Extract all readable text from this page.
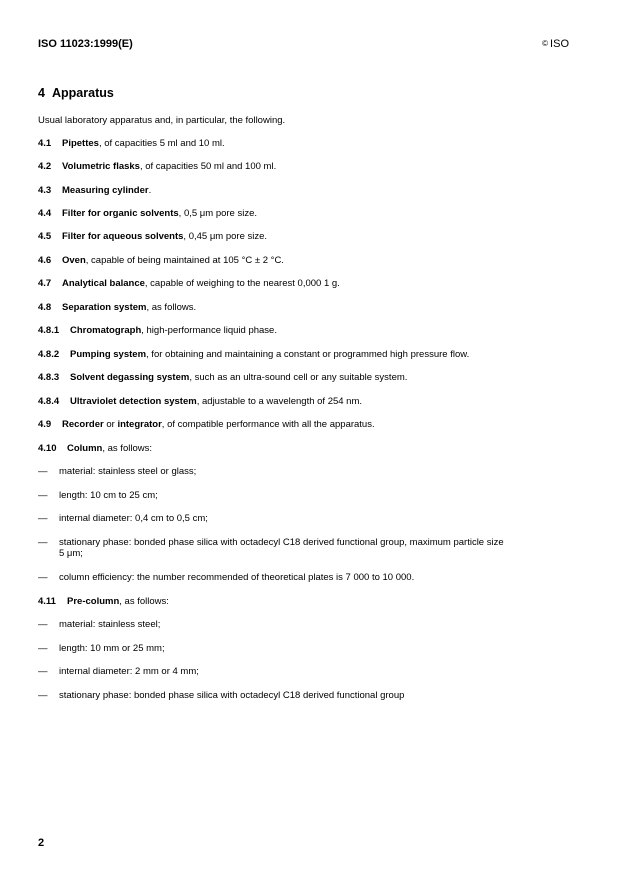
ISO 11023:1999(E)	© ISO
4 Apparatus
Usual laboratory apparatus and, in particular, the following.
4.1 Pipettes, of capacities 5 ml and 10 ml.
4.2 Volumetric flasks, of capacities 50 ml and 100 ml.
4.3 Measuring cylinder.
4.4 Filter for organic solvents, 0,5 μm pore size.
4.5 Filter for aqueous solvents, 0,45 μm pore size.
4.6 Oven, capable of being maintained at 105 °C ± 2 °C.
4.7 Analytical balance, capable of weighing to the nearest 0,000 1 g.
4.8 Separation system, as follows.
4.8.1 Chromatograph, high-performance liquid phase.
4.8.2 Pumping system, for obtaining and maintaining a constant or programmed high pressure flow.
4.8.3 Solvent degassing system, such as an ultra-sound cell or any suitable system.
4.8.4 Ultraviolet detection system, adjustable to a wavelength of 254 nm.
4.9 Recorder or integrator, of compatible performance with all the apparatus.
4.10 Column, as follows:
— material: stainless steel or glass;
— length: 10 cm to 25 cm;
— internal diameter: 0,4 cm to 0,5 cm;
— stationary phase: bonded phase silica with octadecyl C18 derived functional group, maximum particle size
5 μm;
— column efficiency: the number recommended of theoretical plates is 7 000 to 10 000.
4.11 Pre-column, as follows:
— material: stainless steel;
— length: 10 mm or 25 mm;
— internal diameter: 2 mm or 4 mm;
— stationary phase: bonded phase silica with octadecyl C18 derived functional group
2
